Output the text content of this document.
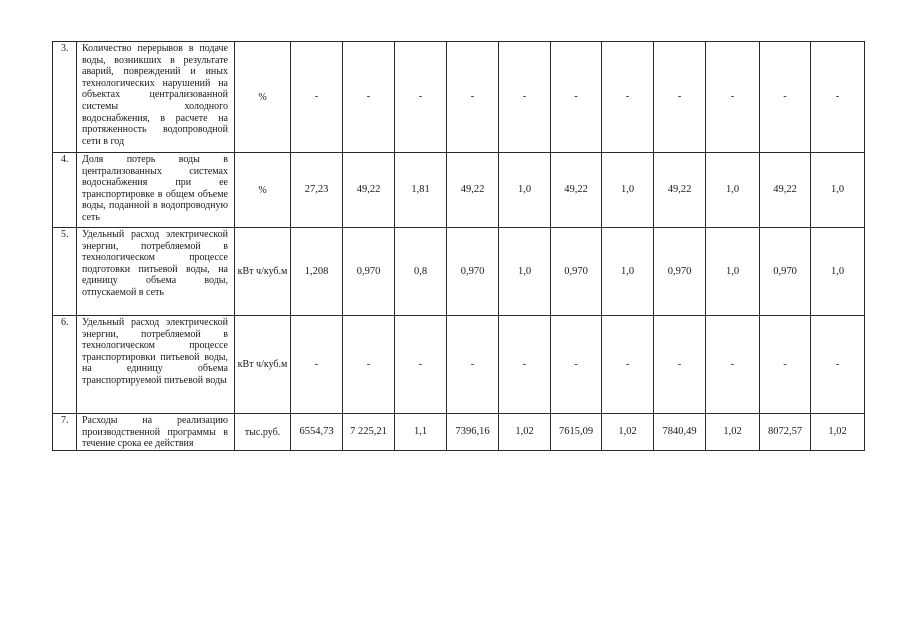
3.	Количество перерывов в подаче воды, возникших в результате аварий, повреждений и иных технологических нарушений на объектах централизованной системы холодного водоснабжения, в расчете на протяженность водопроводной сети в год	%	-	-	-	-	-	-	-	-	-	-	-
4.	Доля потерь воды в централизованных системах водоснабжения при ее транспортировке в общем объеме воды, поданной в водопроводную сеть	%	27,23	49,22	1,81	49,22	1,0	49,22	1,0	49,22	1,0	49,22	1,0
5.	Удельный расход электрической энергии, потребляемой в технологическом процессе подготовки питьевой воды, на единицу объема воды, отпускаемой в сеть	кВт ч/куб.м	1,208	0,970	0,8	0,970	1,0	0,970	1,0	0,970	1,0	0,970	1,0
6.	Удельный расход электрической энергии, потребляемой в технологическом процессе транспортировки питьевой воды, на единицу объема транспортируемой питьевой воды	кВт ч/куб.м	-	-	-	-	-	-	-	-	-	-	-
7.	Расходы на реализацию производственной программы в течение срока ее действия	тыс.руб.	6554,73	7 225,21	1,1	7396,16	1,02	7615,09	1,02	7840,49	1,02	8072,57	1,02
